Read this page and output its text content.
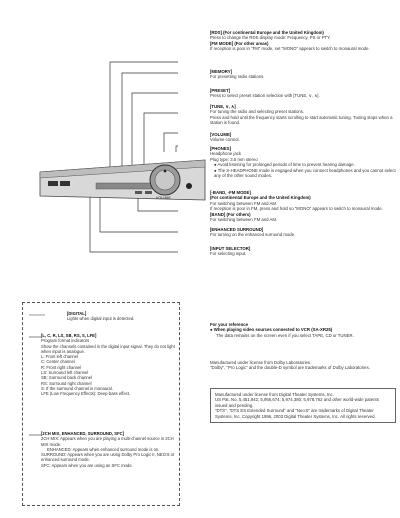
VOLUME
[RDS] (For continental Europe and the United Kingdom)
Press to change the RDS display mode: Frequency, PS or PTY.
[FM MODE] (For other areas)
If reception is poor in "FM" mode, set "MONO" appears to switch to monaural mode.
[MEMORY]
For presetting radio stations.
[PRESET]
Press to select preset station selection with [TUNE, ∨, ∧].
[TUNE, ∨, ∧]
For tuning the radio and selecting preset stations.
Press and hold until the frequency starts scrolling to start automatic tuning. Tuning stops when a station is found.
[VOLUME]
Volume control.
[PHONES]
Headphone jack
Plug type: 3.5 mm stereo
● Avoid listening for prolonged periods of time to prevent hearing damage.
● The S-HEADPHONE mode is engaged when you connect headphones and you cannot select any of the other sound modes.
[-BAND, -FM MODE]
(For continental Europe and the United Kingdom)
For switching between FM and AM.
If reception is poor in FM, press and hold so "MONO" appears to switch to monaural mode.
[BAND] (For others)
For switching between FM and AM.
[ENHANCED SURROUND]
For turning on the enhanced surround mode.
[INPUT SELECTOR]
For selecting input.
[DIGITAL]
Lights when digital input is detected.
[L, C, R, LS, SB, RS, S, LFE]
Program format indicators
Show the channels contained in the digital input signal. They do not light when input is analogue.
L: Front left channel
C: Center channel
R: Front right channel
LS: Surround left channel
SB: Surround back channel
RS: Surround right channel
S: If the surround channel is monaural.
LFE (Low Frequency Effects): Deep-bass effect.
[2CH MIX, ENHANCED, SURROUND, SFC]
2CH MIX: Appears when you are playing a multi-channel source in 2CH MIX mode.
ENHANCED: Appears when enhanced surround mode is on.
SURROUND: Appears when you are using Dolby Pro Logic II, NEO:6 or enhanced surround mode.
SFC: Appears when you are using an SFC mode.
For your reference
● When playing video sources connected to VCR (SA-XR25)
The data remains on the screen even if you select TAPE, CD or TUNER.
Manufactured under license from Dolby Laboratories.
"Dolby", "Pro Logic" and the double-D symbol are trademarks of Dolby Laboratories.
Manufactured under license from Digital Theater Systems, Inc.
US Pat. No. 5,451,942; 5,956,674; 5,974,380; 5,978,762 and other world-wide patents issued and pending.
"DTS", "DTS ES Extended Surround" and "Neo:6" are trademarks of Digital Theater Systems, Inc. Copyright 1996, 2003 Digital Theater Systems, Inc. All rights reserved.
